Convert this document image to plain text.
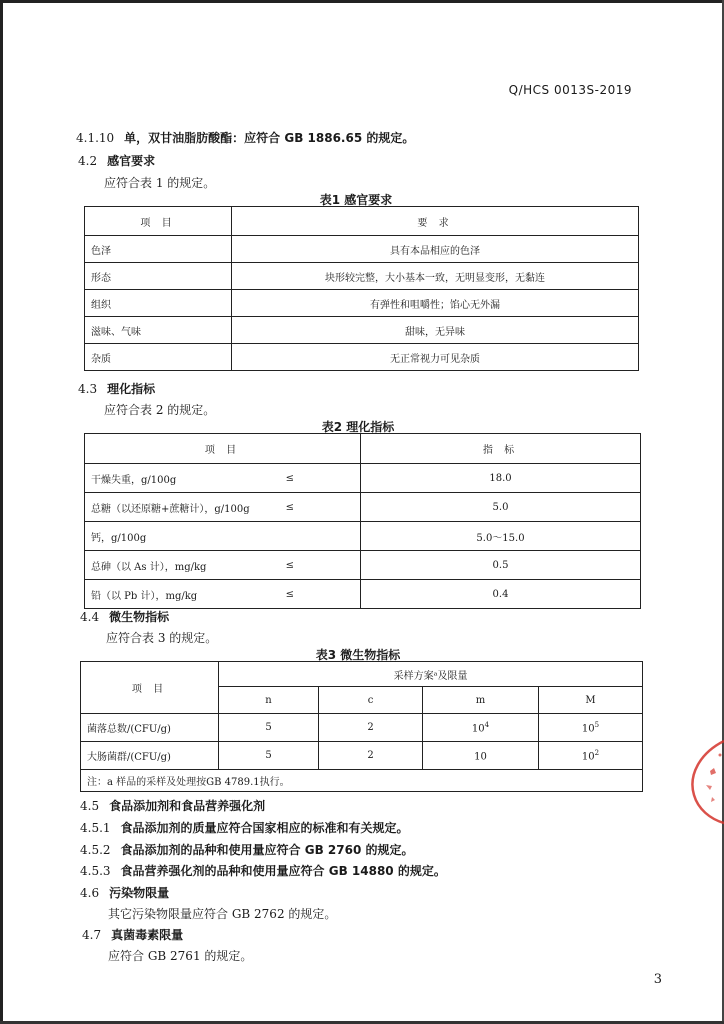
Q/HCS 0013S-2019
4.1.10 单，双甘油脂肪酸酯：应符合 GB 1886.65 的规定。
4.2 感官要求
应符合表 1 的规定。
表1 感官要求
项 目	要 求
色泽	具有本品相应的色泽
形态	块形较完整，大小基本一致，无明显变形，无黏连
组织	有弹性和咀嚼性；馅心无外漏
滋味、气味	甜味，无异味
杂质	无正常视力可见杂质
4.3 理化指标
应符合表 2 的规定。
表2 理化指标
项 目	指 标

干燥失重，g/100g ≤	18.0

总糖（以还原糖+蔗糖计），g/100g ≤	5.0

钙，g/100g	5.0～15.0

总砷（以 As 计），mg/kg ≤	0.5

铅（以 Pb 计），mg/kg ≤	0.4
4.4 微生物指标
应符合表 3 的规定。
表3 微生物指标
项 目	采样方案ᵃ及限量			
	n	c	m	M
菌落总数/(CFU/g)	5	2	$10^4$	$10^5$
大肠菌群/(CFU/g)	5	2	10	$10^2$
注：a 样品的采样及处理按GB 4789.1执行。				
4.5 食品添加剂和食品营养强化剂
4.5.1 食品添加剂的质量应符合国家相应的标准和有关规定。
4.5.2 食品添加剂的品种和使用量应符合 GB 2760 的规定。
4.5.3 食品营养强化剂的品种和使用量应符合 GB 14880 的规定。
4.6 污染物限量
其它污染物限量应符合 GB 2762 的规定。
4.7 真菌毒素限量
应符合 GB 2761 的规定。
3
